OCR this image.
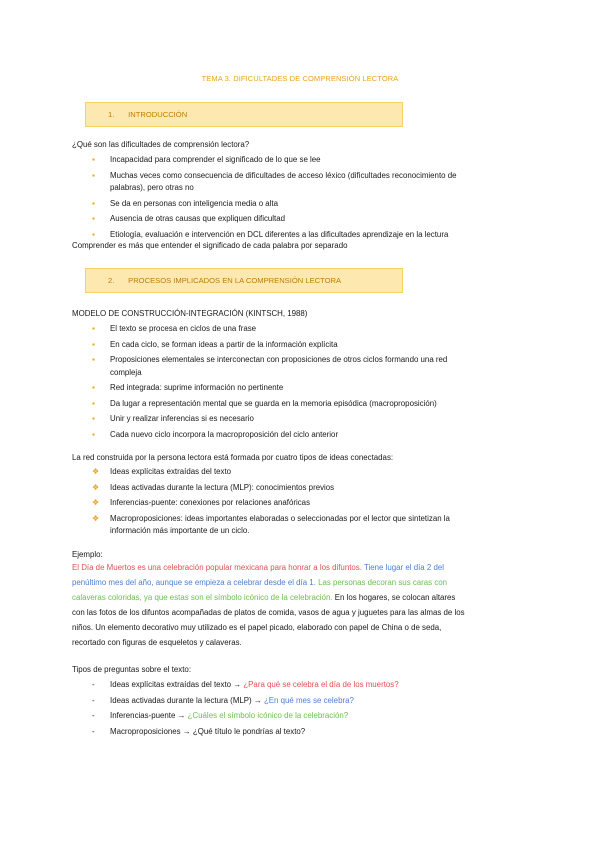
TEMA 3. DIFICULTADES DE COMPRENSIÓN LECTORA
1. INTRODUCCIÓN
¿Qué son las dificultades de comprensión lectora?
▪	Incapacidad para comprender el significado de lo que se lee
▪	Muchas veces como consecuencia de dificultades de acceso léxico (dificultades reconocimiento de
palabras), pero otras no
▪	Se da en personas con inteligencia media o alta
▪	Ausencia de otras causas que expliquen dificultad
▪	Etiología, evaluación e intervención en DCL diferentes a las dificultades aprendizaje en la lectura
Comprender es más que entender el significado de cada palabra por separado
2. PROCESOS IMPLICADOS EN LA COMPRENSIÓN LECTORA
MODELO DE CONSTRUCCIÓN-INTEGRACIÓN (KINTSCH, 1988)
▪	El texto se procesa en ciclos de una frase
▪	En cada ciclo, se forman ideas a partir de la información explícita
▪	Proposiciones elementales se interconectan con proposiciones de otros ciclos formando una red
compleja
▪	Red integrada: suprime información no pertinente
▪	Da lugar a representación mental que se guarda en la memoria episódica (macroproposición)
▪	Unir y realizar inferencias si es necesario
▪	Cada nuevo ciclo incorpora la macroproposición del ciclo anterior
La red construida por la persona lectora está formada por cuatro tipos de ideas conectadas:
❖ Ideas explícitas extraídas del texto
❖ Ideas activadas durante la lectura (MLP): conocimientos previos
❖ Inferencias-puente: conexiones por relaciones anafóricas
❖ Macroproposiciones: ideas importantes elaboradas o seleccionadas por el lector que sintetizan la
información más importante de un ciclo.
Ejemplo:
El Día de Muertos es una celebración popular mexicana para honrar a los difuntos. Tiene lugar el día 2 del
penúltimo mes del año, aunque se empieza a celebrar desde el día 1. Las personas decoran sus caras con
calaveras coloridas, ya que estas son el símbolo icónico de la celebración. En los hogares, se colocan altares
con las fotos de los difuntos acompañadas de platos de comida, vasos de agua y juguetes para las almas de los
niños. Un elemento decorativo muy utilizado es el papel picado, elaborado con papel de China o de seda,
recortado con figuras de esqueletos y calaveras.
Tipos de preguntas sobre el texto:
- Ideas explícitas extraídas del texto → ¿Para qué se celebra el día de los muertos?
- Ideas activadas durante la lectura (MLP) → ¿En qué mes se celebra?
- Inferencias-puente → ¿Cuáles el símbolo icónico de la celebración?
- Macroproposiciones → ¿Qué título le pondrías al texto?
